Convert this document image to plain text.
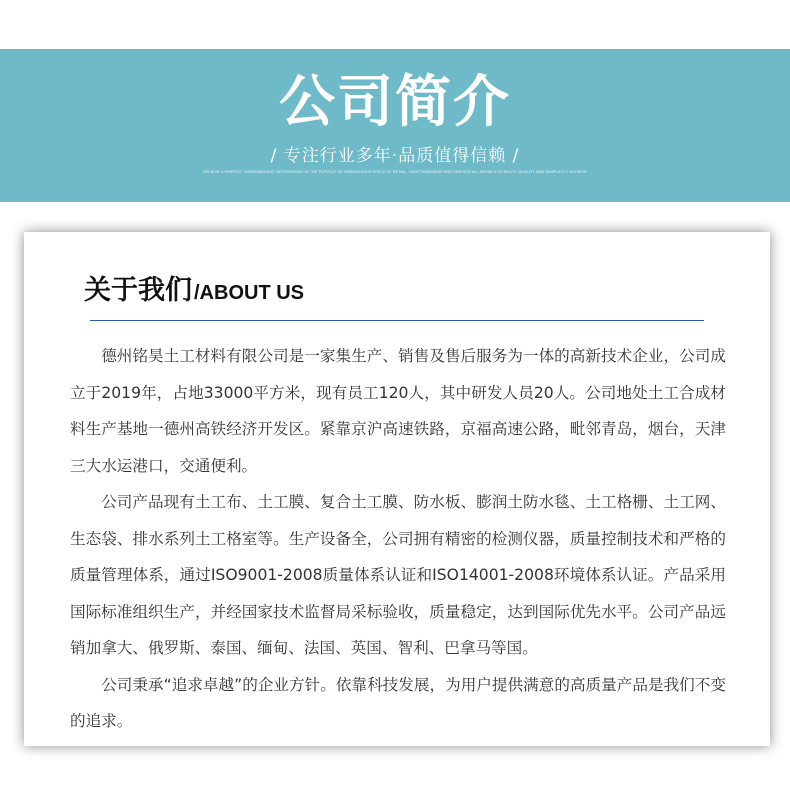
公司简介
/ 专注行业多年·品质值得信赖 /
BELIEVE A PERFECT WORKMANSHIP, INTEGRATING IN THE PURSUIT OF HARMONIOUS SPACE AT DETAIL, CRAFTSMANSHIP AND SERVICE ALL DETAILS TO ENJOY QUALITY AND SIMPLICITY, ACHIEVE
关于我们 /ABOUT US

德州铭昊土工材料有限公司是一家集生产、销售及售后服务为一体的高新技术企业，公司成立于2019年，占地33000平方米，现有员工120人，其中研发人员20人。公司地处土工合成材料生产基地一德州高铁经济开发区。紧靠京沪高速铁路，京福高速公路，毗邻青岛，烟台，天津三大水运港口，交通便利。

公司产品现有土工布、土工膜、复合土工膜、防水板、膨润土防水毯、土工格栅、土工网、生态袋、排水系列土工格室等。生产设备全，公司拥有精密的检测仪器，质量控制技术和严格的质量管理体系，通过ISO9001-2008质量体系认证和ISO14001-2008环境体系认证。产品采用国际标准组织生产，并经国家技术监督局采标验收，质量稳定，达到国际优先水平。公司产品远销加拿大、俄罗斯、泰国、缅甸、法国、英国、智利、巴拿马等国。

公司秉承“追求卓越”的企业方针。依靠科技发展，为用户提供满意的高质量产品是我们不变的追求。
